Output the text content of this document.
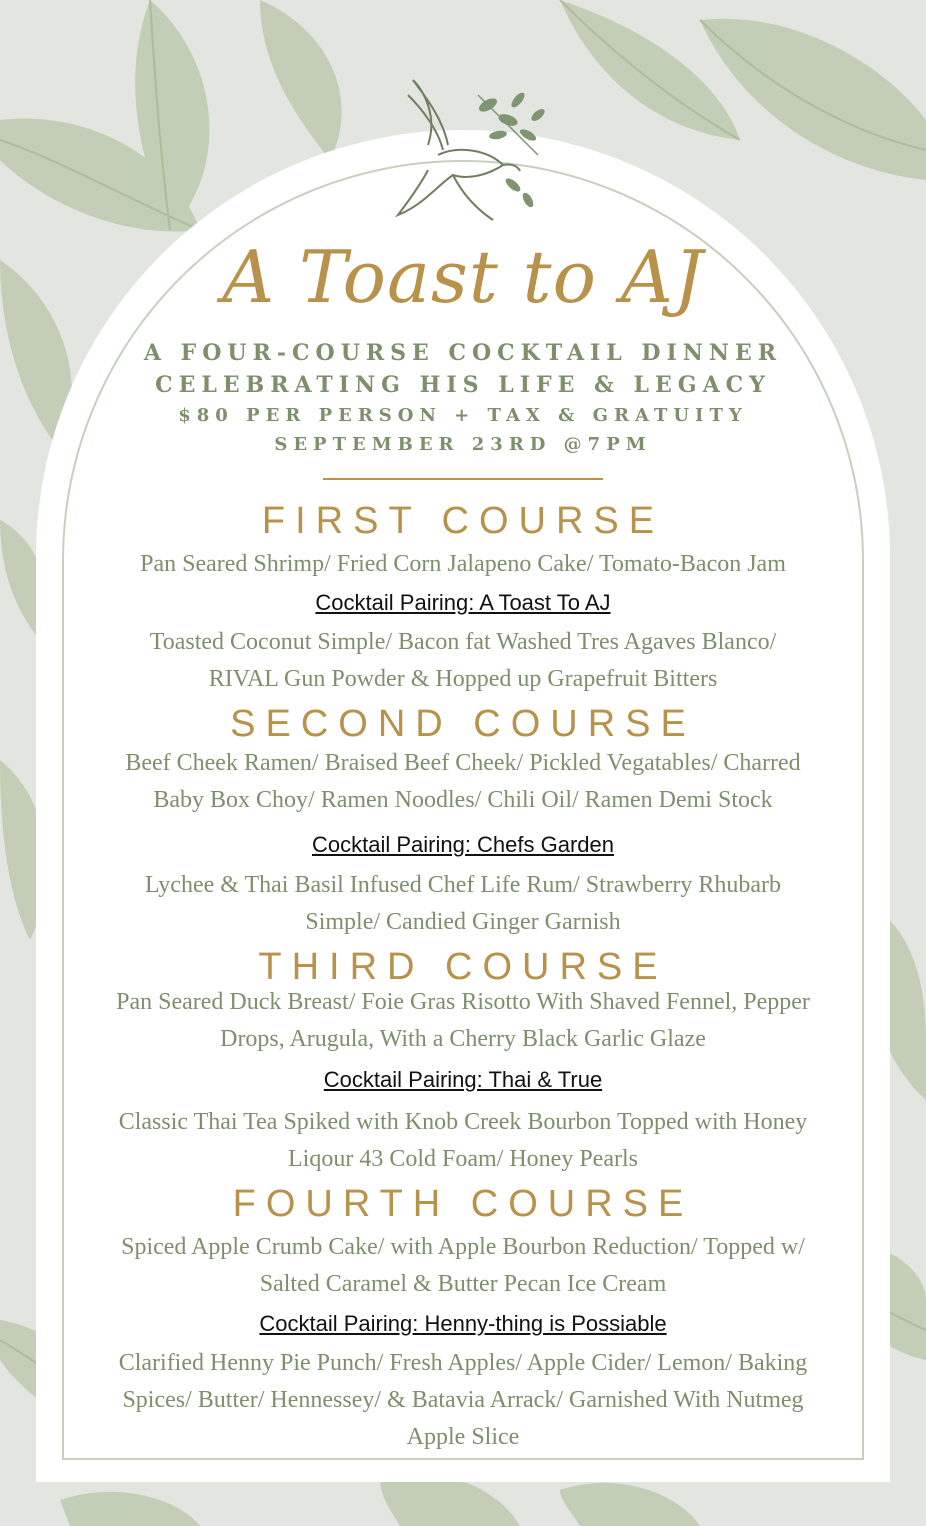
A Toast to AJ
A FOUR-COURSE COCKTAIL DINNER
CELEBRATING HIS LIFE & LEGACY
$80 PER PERSON + TAX & GRATUITY
SEPTEMBER 23RD @7PM
FIRST COURSE
Pan Seared Shrimp/ Fried Corn Jalapeno Cake/ Tomato-Bacon Jam
Cocktail Pairing: A Toast To AJ
Toasted Coconut Simple/ Bacon fat Washed Tres Agaves Blanco/
RIVAL Gun Powder & Hopped up Grapefruit Bitters
SECOND COURSE
Beef Cheek Ramen/ Braised Beef Cheek/ Pickled Vegatables/ Charred
Baby Box Choy/ Ramen Noodles/ Chili Oil/ Ramen Demi Stock
Cocktail Pairing: Chefs Garden
Lychee & Thai Basil Infused Chef Life Rum/ Strawberry Rhubarb
Simple/ Candied Ginger Garnish
THIRD COURSE
Pan Seared Duck Breast/ Foie Gras Risotto With Shaved Fennel, Pepper
Drops, Arugula, With a Cherry Black Garlic Glaze
Cocktail Pairing: Thai & True
Classic Thai Tea Spiked with Knob Creek Bourbon Topped with Honey
Liqour 43 Cold Foam/ Honey Pearls
FOURTH COURSE
Spiced Apple Crumb Cake/ with Apple Bourbon Reduction/ Topped w/
Salted Caramel & Butter Pecan Ice Cream
Cocktail Pairing: Henny-thing is Possiable
Clarified Henny Pie Punch/ Fresh Apples/ Apple Cider/ Lemon/ Baking
Spices/ Butter/ Hennessey/ & Batavia Arrack/ Garnished With Nutmeg
Apple Slice
